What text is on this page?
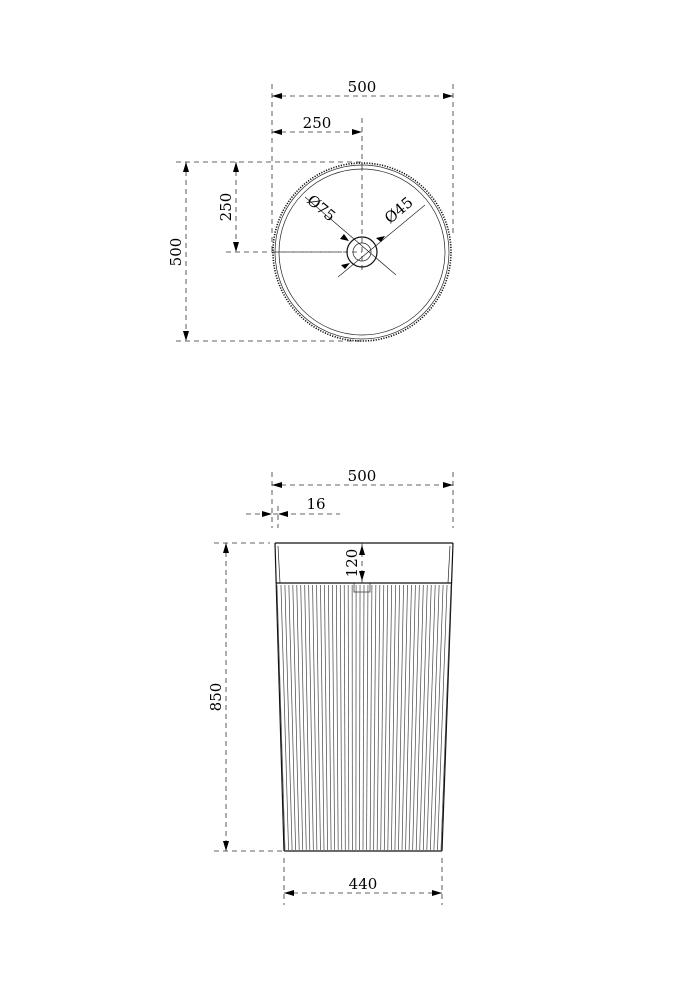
500
250
250
500
Ø75	Ø45
500
16
850
440
120
